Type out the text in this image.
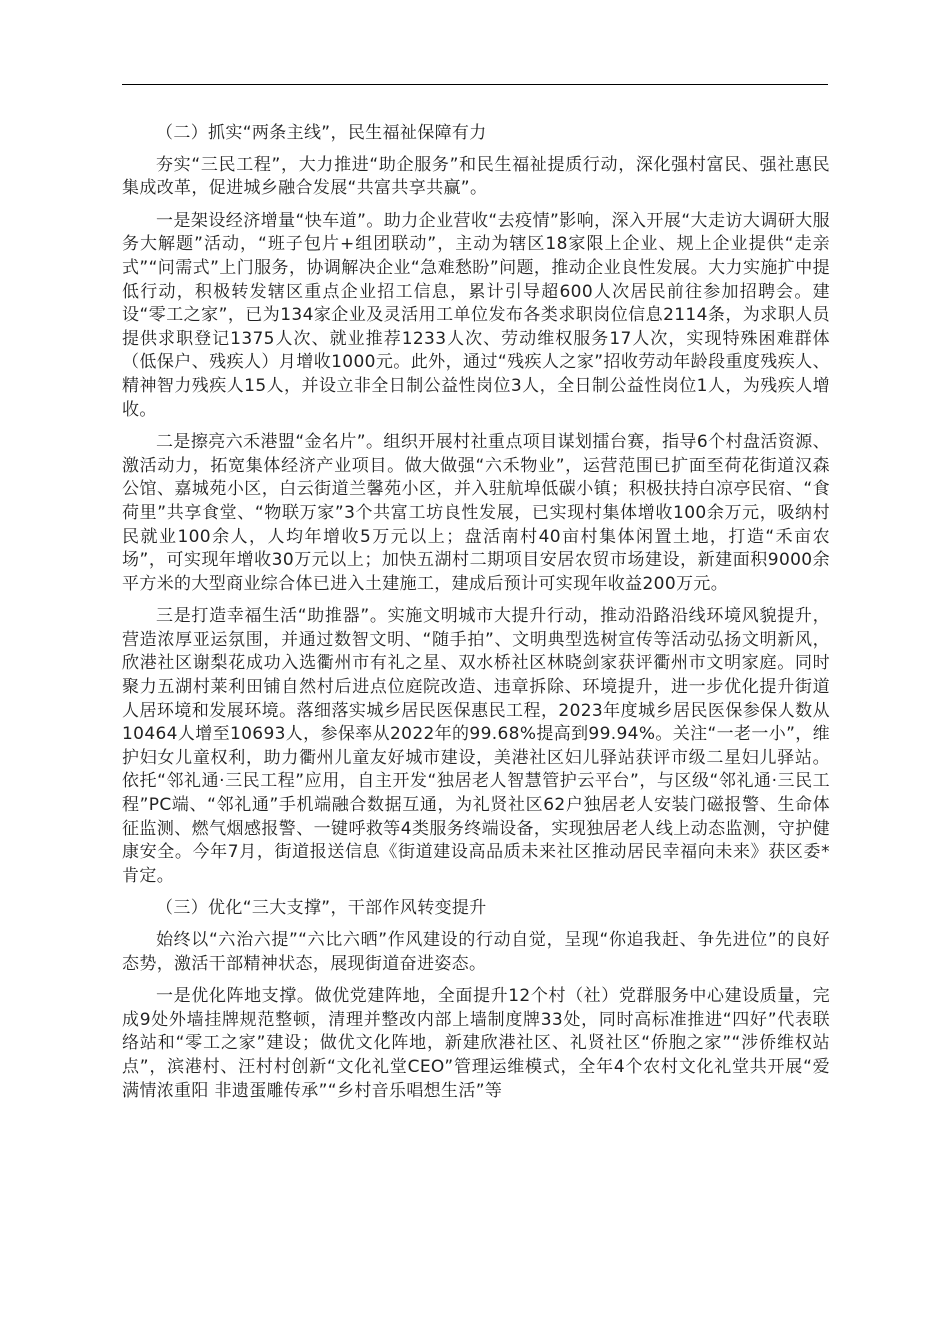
（二）抓实“两条主线”，民生福祉保障有力

夯实“三民工程”，大力推进“助企服务”和民生福祉提质行动，深化强村富民、强社惠民集成改革，促进城乡融合发展“共富共享共赢”。

一是架设经济增量“快车道”。助力企业营收“去疫情”影响，深入开展“大走访大调研大服务大解题”活动，“班子包片+组团联动”，主动为辖区18家限上企业、规上企业提供“走亲式”“问需式”上门服务，协调解决企业“急难愁盼”问题，推动企业良性发展。大力实施扩中提低行动，积极转发辖区重点企业招工信息，累计引导超600人次居民前往参加招聘会。建设“零工之家”，已为134家企业及灵活用工单位发布各类求职岗位信息2114条，为求职人员提供求职登记1375人次、就业推荐1233人次、劳动维权服务17人次，实现特殊困难群体（低保户、残疾人）月增收1000元。此外，通过“残疾人之家”招收劳动年龄段重度残疾人、精神智力残疾人15人，并设立非全日制公益性岗位3人，全日制公益性岗位1人，为残疾人增收。

二是擦亮六禾港盟“金名片”。组织开展村社重点项目谋划擂台赛，指导6个村盘活资源、激活动力，拓宽集体经济产业项目。做大做强“六禾物业”，运营范围已扩面至荷花街道汉森公馆、嘉城苑小区，白云街道兰馨苑小区，并入驻航埠低碳小镇；积极扶持白凉亭民宿、“食荷里”共享食堂、“物联万家”3个共富工坊良性发展，已实现村集体增收100余万元，吸纳村民就业100余人，人均年增收5万元以上；盘活南村40亩村集体闲置土地，打造“禾亩农场”，可实现年增收30万元以上；加快五湖村二期项目安居农贸市场建设，新建面积9000余平方米的大型商业综合体已进入土建施工，建成后预计可实现年收益200万元。

三是打造幸福生活“助推器”。实施文明城市大提升行动，推动沿路沿线环境风貌提升，营造浓厚亚运氛围，并通过数智文明、“随手拍”、文明典型选树宣传等活动弘扬文明新风，欣港社区谢梨花成功入选衢州市有礼之星、双水桥社区林晓剑家获评衢州市文明家庭。同时聚力五湖村莱利田铺自然村后进点位庭院改造、违章拆除、环境提升，进一步优化提升街道人居环境和发展环境。落细落实城乡居民医保惠民工程，2023年度城乡居民医保参保人数从10464人增至10693人，参保率从2022年的99.68%提高到99.94%。关注“一老一小”，维护妇女儿童权利，助力衢州儿童友好城市建设，美港社区妇儿驿站获评市级二星妇儿驿站。依托“邻礼通·三民工程”应用，自主开发“独居老人智慧管护云平台”，与区级“邻礼通·三民工程”PC端、“邻礼通”手机端融合数据互通，为礼贤社区62户独居老人安装门磁报警、生命体征监测、燃气烟感报警、一键呼救等4类服务终端设备，实现独居老人线上动态监测，守护健康安全。今年7月，街道报送信息《街道建设高品质未来社区推动居民幸福向未来》获区委*肯定。

（三）优化“三大支撑”，干部作风转变提升

始终以“六治六提”“六比六晒”作风建设的行动自觉，呈现“你追我赶、争先进位”的良好态势，激活干部精神状态，展现街道奋进姿态。

一是优化阵地支撑。做优党建阵地，全面提升12个村（社）党群服务中心建设质量，完成9处外墙挂牌规范整顿，清理并整改内部上墙制度牌33处，同时高标准推进“四好”代表联络站和“零工之家”建设；做优文化阵地，新建欣港社区、礼贤社区“侨胞之家”“涉侨维权站点”，滨港村、汪村村创新“文化礼堂CEO”管理运维模式，全年4个农村文化礼堂共开展“爱满情浓重阳 非遗蛋雕传承”“乡村音乐唱想生活”等
